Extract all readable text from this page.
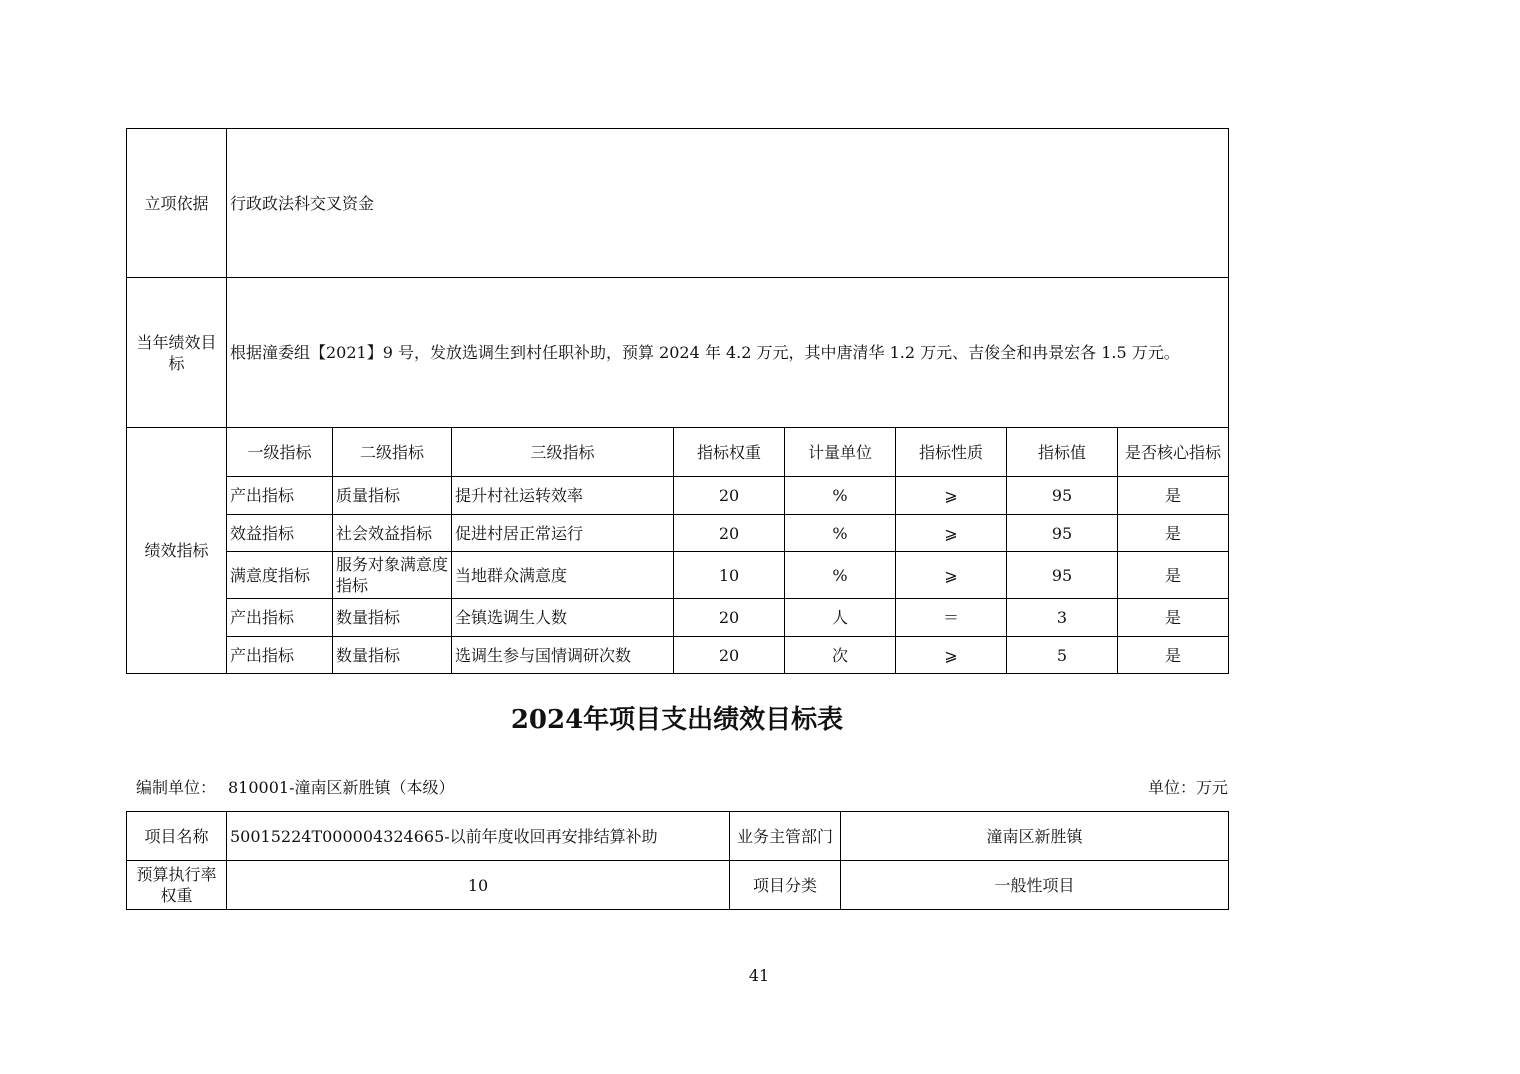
立项依据	行政政法科交叉资金							
当年绩效目标	根据潼委组【2021】9 号，发放选调生到村任职补助，预算 2024 年 4.2 万元，其中唐清华 1.2 万元、吉俊全和冉景宏各 1.5 万元。							
绩效指标	一级指标	二级指标	三级指标	指标权重	计量单位	指标性质	指标值	是否核心指标
	产出指标	质量指标	提升村社运转效率	20	%	⩾	95	是
	效益指标	社会效益指标	促进村居正常运行	20	%	⩾	95	是
	满意度指标	服务对象满意度指标	当地群众满意度	10	%	⩾	95	是
	产出指标	数量指标	全镇选调生人数	20	人	＝	3	是
	产出指标	数量指标	选调生参与国情调研次数	20	次	⩾	5	是
2024年项目支出绩效目标表
编制单位： 810001-潼南区新胜镇（本级）	单位：万元
项目名称	50015224T000004324665-以前年度收回再安排结算补助	业务主管部门	潼南区新胜镇
预算执行率权重	10	项目分类	一般性项目
41
